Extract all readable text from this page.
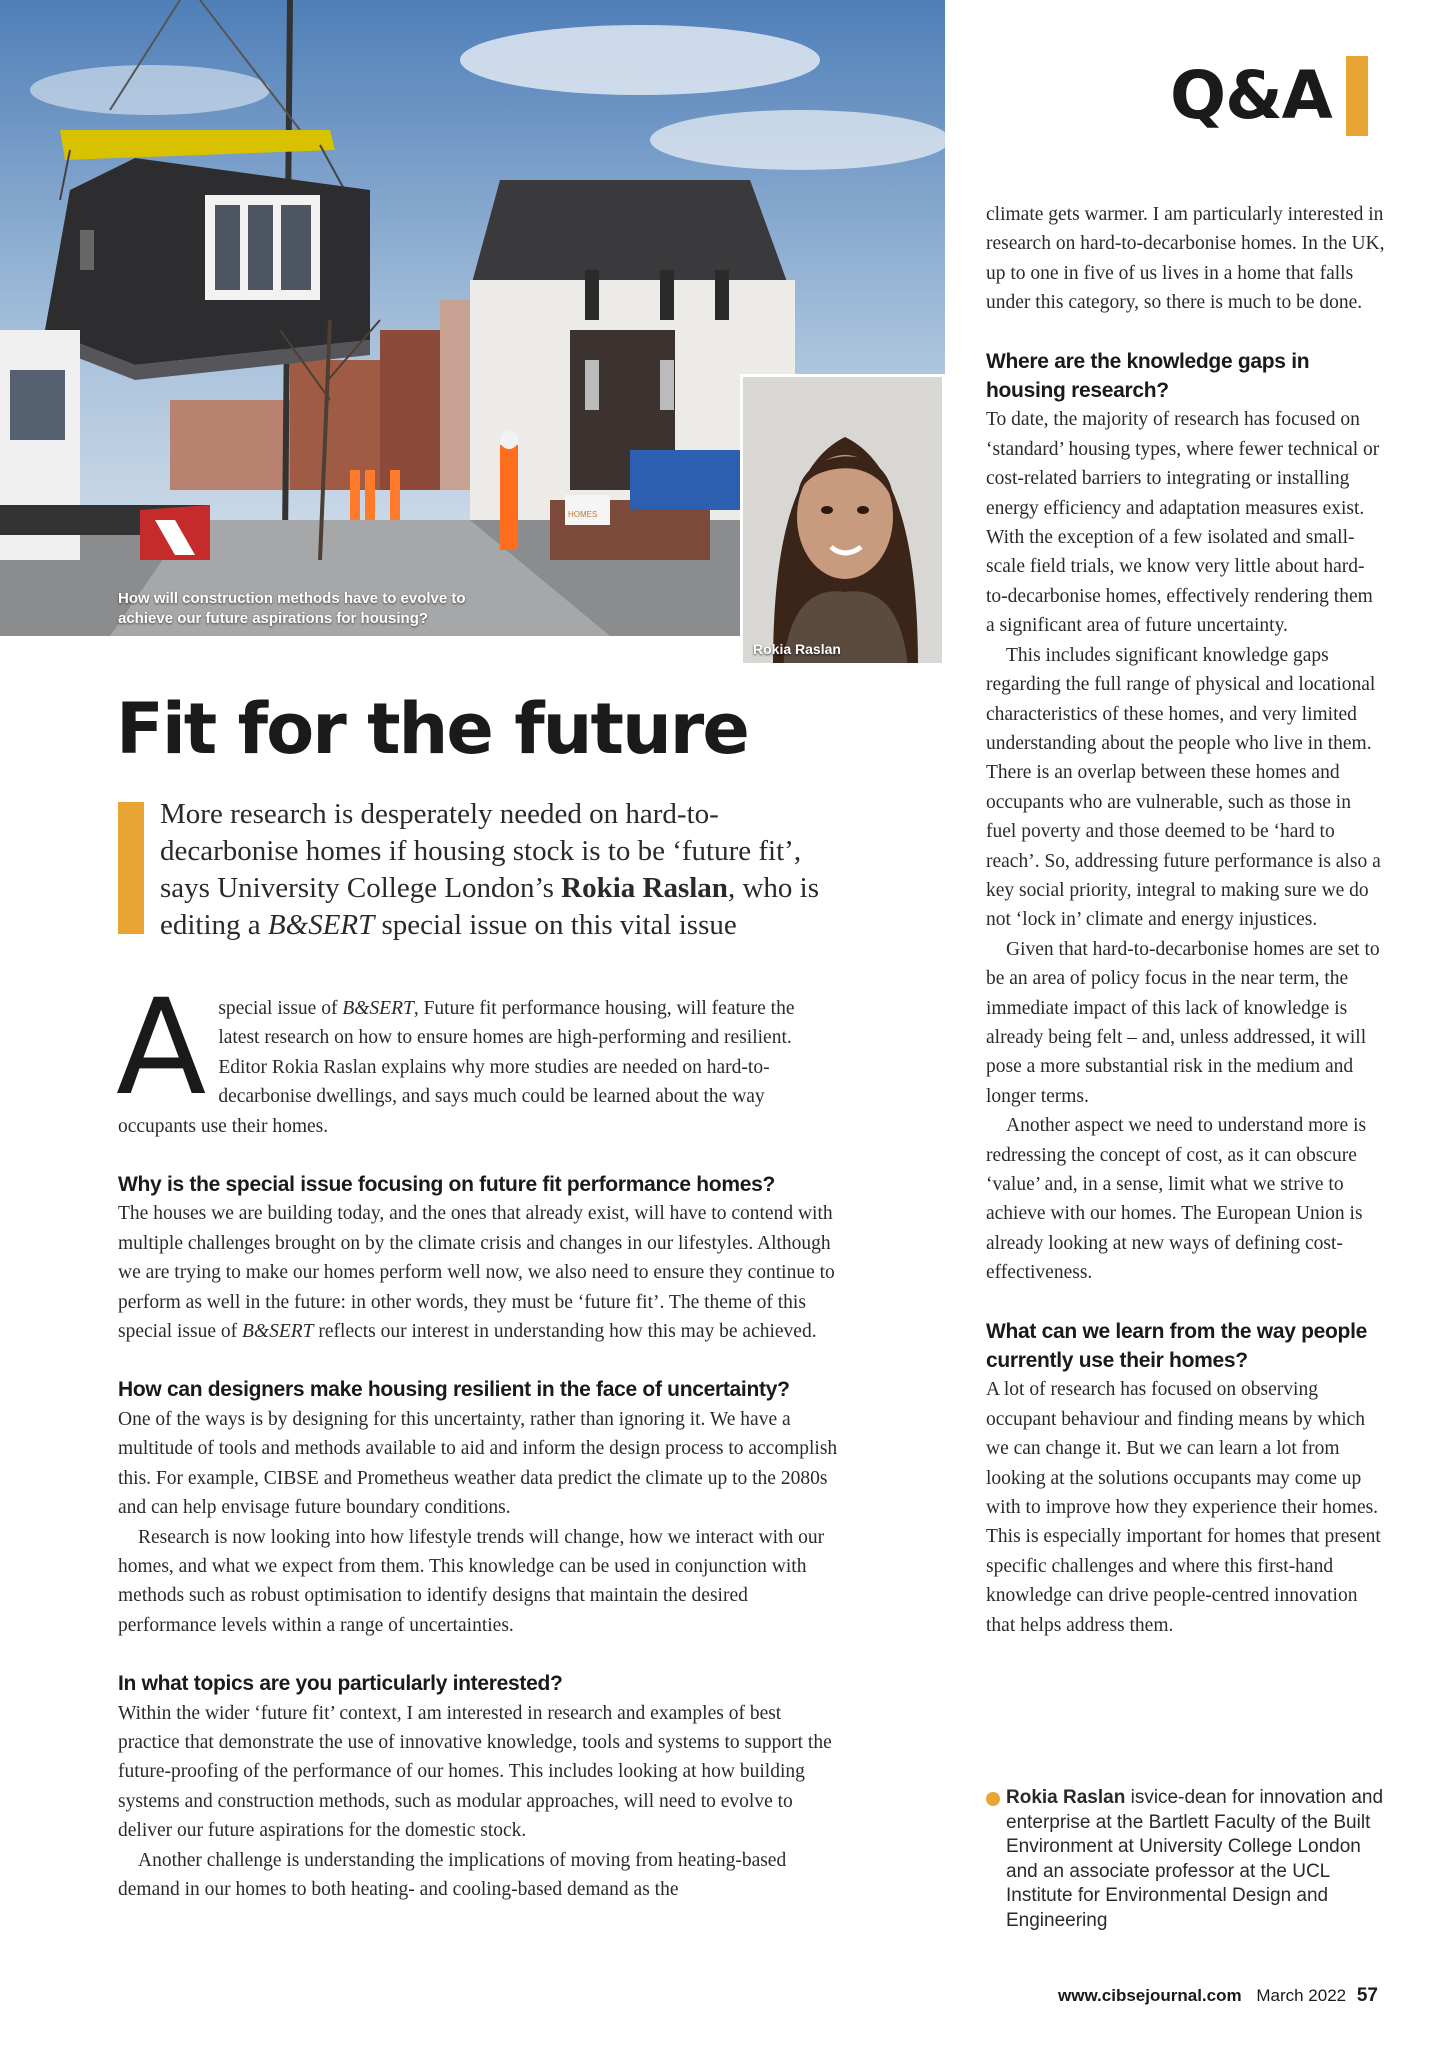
HOMES
How will construction methods have to evolve to achieve our future aspirations for housing?
Rokia Raslan
Q&A
Fit for the future

More research is desperately needed on hard-to-decarbonise homes if housing stock is to be ‘future fit’, says University College London’s Rokia Raslan, who is editing a B&SERT special issue on this vital issue

A special issue of B&SERT, Future fit performance housing, will feature the latest research on how to ensure homes are high-performing and resilient. Editor Rokia Raslan explains why more studies are needed on hard-to-decarbonise dwellings, and says much could be learned about the way occupants use their homes.

Why is the special issue focusing on future fit performance homes?

The houses we are building today, and the ones that already exist, will have to contend with multiple challenges brought on by the climate crisis and changes in our lifestyles. Although we are trying to make our homes perform well now, we also need to ensure they continue to perform as well in the future: in other words, they must be ‘future fit’. The theme of this special issue of B&SERT reflects our interest in understanding how this may be achieved.

How can designers make housing resilient in the face of uncertainty?

One of the ways is by designing for this uncertainty, rather than ignoring it. We have a multitude of tools and methods available to aid and inform the design process to accomplish this. For example, CIBSE and Prometheus weather data predict the climate up to the 2080s and can help envisage future boundary conditions.

Research is now looking into how lifestyle trends will change, how we interact with our homes, and what we expect from them. This knowledge can be used in conjunction with methods such as robust optimisation to identify designs that maintain the desired performance levels within a range of uncertainties.

In what topics are you particularly interested?

Within the wider ‘future fit’ context, I am interested in research and examples of best practice that demonstrate the use of innovative knowledge, tools and systems to support the future-proofing of the performance of our homes. This includes looking at how building systems and construction methods, such as modular approaches, will need to evolve to deliver our future aspirations for the domestic stock.

Another challenge is understanding the implications of moving from heating-based demand in our homes to both heating- and cooling-based demand as the

climate gets warmer. I am particularly interested in research on hard-to-decarbonise homes. In the UK, up to one in five of us lives in a home that falls under this category, so there is much to be done.

Where are the knowledge gaps in housing research?

To date, the majority of research has focused on ‘standard’ housing types, where fewer technical or cost-related barriers to integrating or installing energy efficiency and adaptation measures exist. With the exception of a few isolated and small-scale field trials, we know very little about hard-to-decarbonise homes, effectively rendering them a significant area of future uncertainty.

This includes significant knowledge gaps regarding the full range of physical and locational characteristics of these homes, and very limited understanding about the people who live in them. There is an overlap between these homes and occupants who are vulnerable, such as those in fuel poverty and those deemed to be ‘hard to reach’. So, addressing future performance is also a key social priority, integral to making sure we do not ‘lock in’ climate and energy injustices.

Given that hard-to-decarbonise homes are set to be an area of policy focus in the near term, the immediate impact of this lack of knowledge is already being felt – and, unless addressed, it will pose a more substantial risk in the medium and longer terms.

Another aspect we need to understand more is redressing the concept of cost, as it can obscure ‘value’ and, in a sense, limit what we strive to achieve with our homes. The European Union is already looking at new ways of defining cost-effectiveness.

What can we learn from the way people currently use their homes?

A lot of research has focused on observing occupant behaviour and finding means by which we can change it. But we can learn a lot from looking at the solutions occupants may come up with to improve how they experience their homes. This is especially important for homes that present specific challenges and where this first-hand knowledge can drive people-centred innovation that helps address them.

Rokia Raslan isvice-dean for innovation and enterprise at the Bartlett Faculty of the Built Environment at University College London and an associate professor at the UCL Institute for Environmental Design and Engineering
www.cibsejournal.com March 2022 57
